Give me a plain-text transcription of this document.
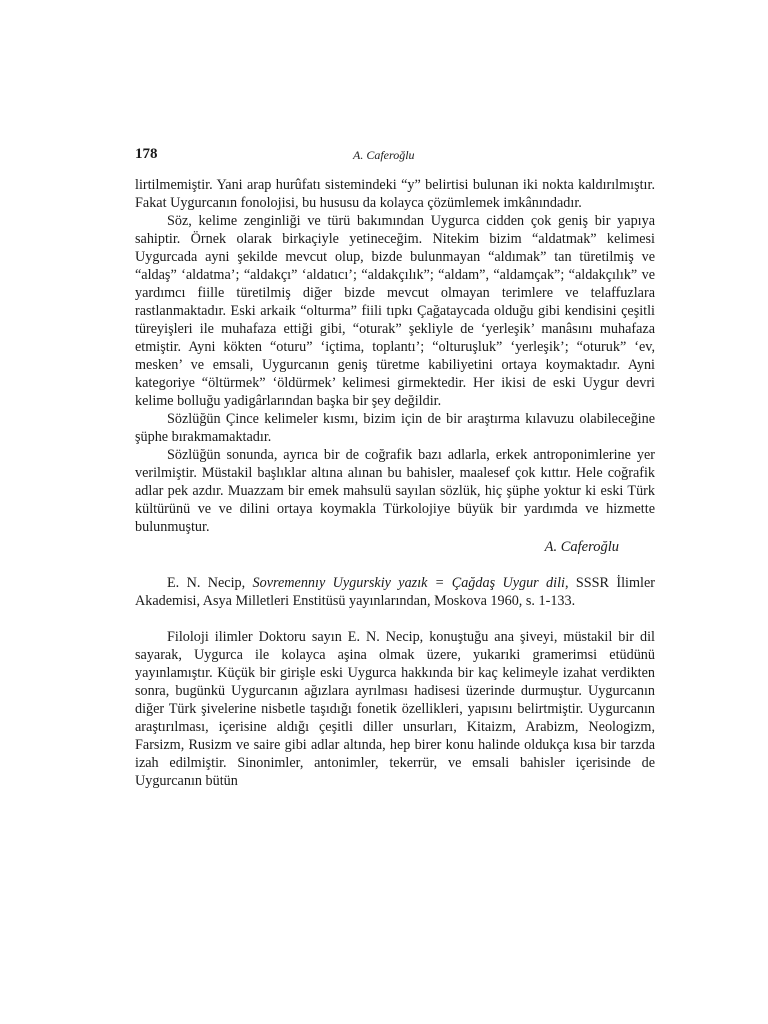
178	A. Caferoğlu

lirtilmemiştir. Yani arap hurûfatı sistemindeki “y” belirtisi bulunan iki nokta kaldırılmıştır. Fakat Uygurcanın fonolojisi, bu hususu da kolayca çözümlemek imkânındadır.

Söz, kelime zenginliği ve türü bakımından Uygurca cidden çok geniş bir yapıya sahiptir. Örnek olarak birkaçiyle yetineceğim. Nitekim bizim “aldatmak” kelimesi Uygurcada ayni şekilde mevcut olup, bizde bulunmayan “aldımak” tan türetilmiş ve “aldaş” ‘aldatma’; “aldakçı” ‘aldatıcı’; “aldakçılık”; “aldam”, “aldamçak”; “aldakçılık” ve yardımcı fiille türetilmiş diğer bizde mevcut olmayan terimlere ve telaffuzlara rastlanmaktadır. Eski arkaik “olturma” fiili tıpkı Çağataycada olduğu gibi kendisini çeşitli türeyişleri ile muhafaza ettiği gibi, “oturak” şekliyle de ‘yerleşik’ manâsını muhafaza etmiştir. Ayni kökten “oturu” ‘içtima, toplantı’; “olturuşluk” ‘yerleşik’; “oturuk” ‘ev, mesken’ ve emsali, Uygurcanın geniş türetme kabiliyetini ortaya koymaktadır. Ayni kategoriye “öltürmek” ‘öldürmek’ kelimesi girmektedir. Her ikisi de eski Uygur devri kelime bolluğu yadigârlarından başka bir şey değildir.

Sözlüğün Çince kelimeler kısmı, bizim için de bir araştırma kılavuzu olabileceğine şüphe bırakmamaktadır.

Sözlüğün sonunda, ayrıca bir de coğrafik bazı adlarla, erkek antroponimlerine yer verilmiştir. Müstakil başlıklar altına alınan bu bahisler, maalesef çok kıttır. Hele coğrafik adlar pek azdır. Muazzam bir emek mahsulü sayılan sözlük, hiç şüphe yoktur ki eski Türk kültürünü ve ve dilini ortaya koymakla Türkolojiye büyük bir yardımda ve hizmette bulunmuştur.

A. Caferoğlu

E. N. Necip, Sovremennıy Uygurskiy yazık = Çağdaş Uygur dili, SSSR İlimler Akademisi, Asya Milletleri Enstitüsü yayınlarından, Moskova 1960, s. 1-133.

Filoloji ilimler Doktoru sayın E. N. Necip, konuştuğu ana şiveyi, müstakil bir dil sayarak, Uygurca ile kolayca aşina olmak üzere, yukarıki gramerimsi etüdünü yayınlamıştır. Küçük bir girişle eski Uygurca hakkında bir kaç kelimeyle izahat verdikten sonra, bugünkü Uygurcanın ağızlara ayrılması hadisesi üzerinde durmuştur. Uygurcanın diğer Türk şivelerine nisbetle taşıdığı fonetik özellikleri, yapısını belirtmiştir. Uygurcanın araştırılması, içerisine aldığı çeşitli diller unsurları, Kitaizm, Arabizm, Neologizm, Farsizm, Rusizm ve saire gibi adlar altında, hep birer konu halinde oldukça kısa bir tarzda izah edilmiştir. Sinonimler, antonimler, tekerrür, ve emsali bahisler içerisinde de Uygurcanın bütün
